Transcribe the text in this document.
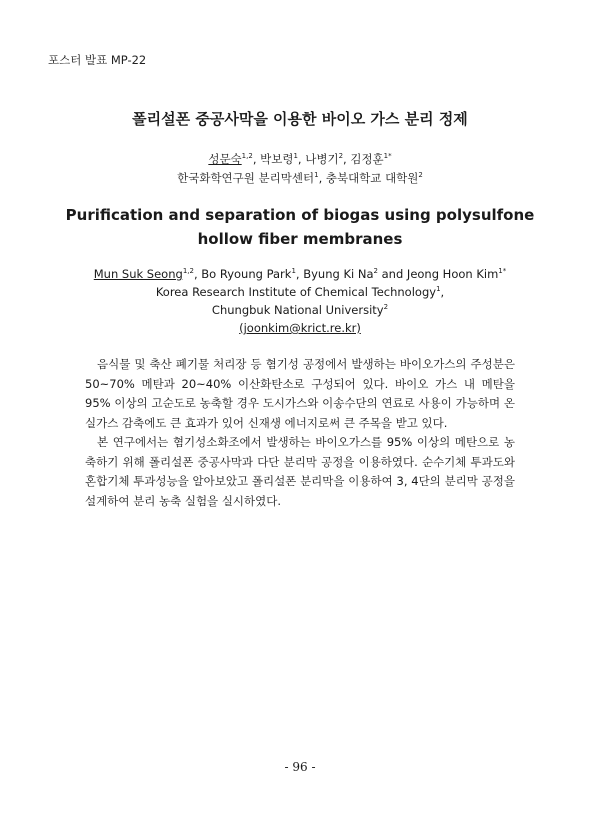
포스터 발표 MP-22
폴리설폰 중공사막을 이용한 바이오 가스 분리 정제
성문숙$^{1,2}$, 박보령$^1$, 나병기$^2$, 김정훈$^{1*}$
한국화학연구원 분리막센터$^1$, 충북대학교 대학원$^2$
Purification and separation of biogas using polysulfone
hollow fiber membranes
Mun Suk Seong$^{1,2}$, Bo Ryoung Park$^1$, Byung Ki Na$^2$ and Jeong Hoon Kim$^{1*}$
Korea Research Institute of Chemical Technology$^1$,
Chungbuk National University$^2$
(joonkim@krict.re.kr)

음식물 및 축산 폐기물 처리장 등 혐기성 공정에서 발생하는 바이오가스의 주성분은 50~70% 메탄과 20~40% 이산화탄소로 구성되어 있다. 바이오 가스 내 메탄을 95% 이상의 고순도로 농축할 경우 도시가스와 이송수단의 연료로 사용이 가능하며 온실가스 감축에도 큰 효과가 있어 신재생 에너지로써 큰 주목을 받고 있다.

본 연구에서는 혐기성소화조에서 발생하는 바이오가스를 95% 이상의 메탄으로 농축하기 위해 폴리설폰 중공사막과 다단 분리막 공정을 이용하였다. 순수기체 투과도와 혼합기체 투과성능을 알아보았고 폴리설폰 분리막을 이용하여 3, 4단의 분리막 공정을 설계하여 분리 농축 실험을 실시하였다.

- 96 -
